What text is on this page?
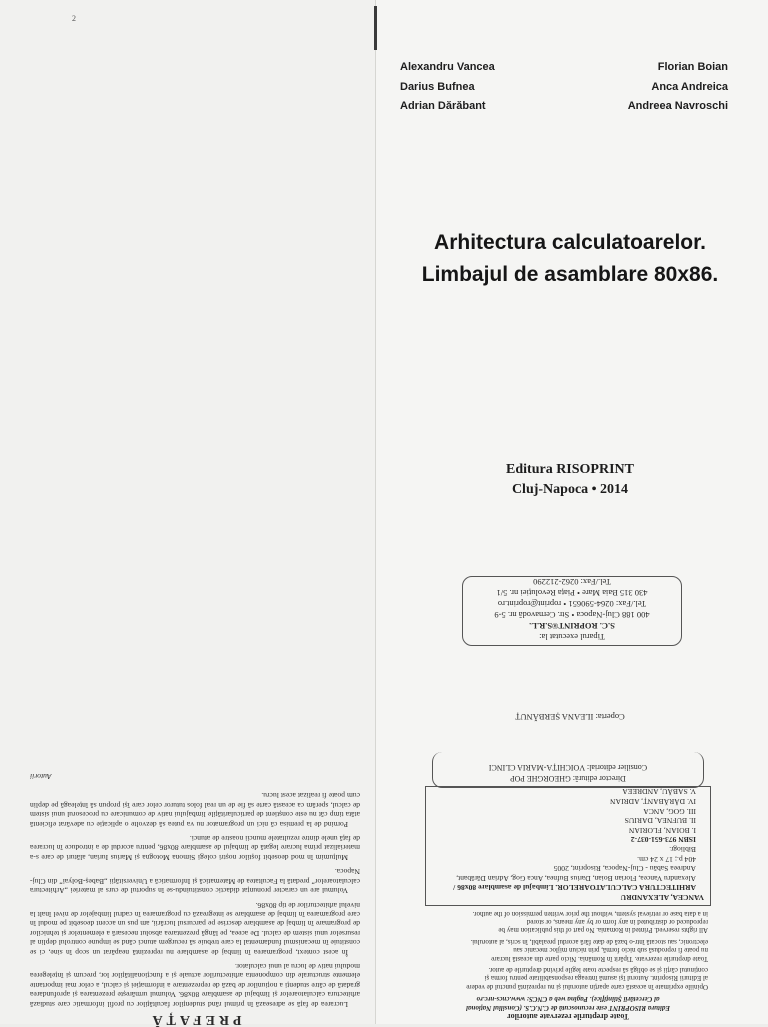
2
Alexandru Vancea
Darius Bufnea
Adrian Dărăbant
Florian Boian
Anca Andreica
Andreea Navroschi
Arhitectura calculatoarelor.
Limbajul de asamblare 80x86.
Editura RISOPRINT
Cluj-Napoca • 2014
Tiparul executat la:
S.C. ROPRINT®S.R.L.
400 188 Cluj-Napoca • Str. Cernavodă nr. 5-9
Tel./Fax: 0264-590651 • roprint@roprint.ro
430 315 Baia Mare • Piața Revoluției nr. 5/1
Tel./Fax: 0262-212290
Coperta: ILEANA ȘERBĂNUȚ
Director editură: GHEORGHE POP
Consilier editorial: VOICHIȚA-MARIA CLINCI
VANCEA, ALEXANDRU
ARHITECTURA CALCULATOARELOR. Limbajul de asamblare 80x86 /
Alexandru Vancea, Florian Boian, Darius Bufnea, Anca Gog, Adrian Dărăbant,
Andreea Sabău - Cluj-Napoca, Risoprint, 2005
404 p.; 17 x 24 cm.
Bibliogr.
ISBN 973-651-037-2
I. BOIAN, FLORIAN
II. BUFNEA, DARIUS
III. GOG, ANCA
IV. DĂRĂBANȚ, ADRIAN
V. SABĂU, ANDREEA
Toate drepturile rezervate autorilor
Editura RISOPRINT este recunoscută de C.N.C.S. (Consiliul Național
al Cercetării Științifice). Pagina web a CNCS: www.cncs-nrc.ro
Opiniile exprimate în această carte aparțin autorului și nu reprezintă punctul de vedere
al Editurii Risoprint. Autorul își asumă întreaga responsabilitate pentru forma și
conținutul cărții și se obligă să respecte toate legile privind drepturile de autor.
Toate drepturile rezervate. Tipărit în România. Nicio parte din această lucrare
nu poate fi reprodusă sub nicio formă, prin niciun mijloc mecanic sau
electronic, sau stocată într-o bază de date fără acordul prealabil, în scris, al autorului.
All rights reserved. Printed in Romania. No part of this publication may be
reproduced or distributed in any form or by any means, or stored
in a data base or retrieval system, without the prior written permission of the author.
PREFAȚĂ

Lucrarea de față se adresează în primul rând studenților facultăților cu profil informatic care studiază arhitectura calculatoarelor și limbajul de asamblare 80x86. Volumul urmărește prezentarea și aprofundarea gradată de către studenți a noțiunilor de bază de reprezentare a informației și calcul, a celor mai importante elemente structurale din componenta arhitecturilor actuale și a funcționalităților lor, precum și înțelegerea modului nativ de lucru al unui calculator.

În acest context, programarea în limbaj de asamblare nu reprezintă neapărat un scop în sine, ci se constituie în mecanismul fundamental la care trebuie să recurgem atunci când se impune controlul deplin al resurselor unui sistem de calcul. De aceea, pe lângă prezentarea absolut necesară a elementelor și tehnicilor de programare în limbaj de asamblare descrise pe parcursul lucrării, am pus un accent deosebit pe modul în care programarea în limbaj de asamblare se integrează cu programarea în cadrul limbajelor de nivel înalt la nivelul arhitecturilor de tip 80x86.

Volumul are un caracter pronunțat didactic constituindu-se în suportul de curs al materiei „Arhitectura calculatoarelor” predată la Facultatea de Matematică și Informatică a Universității „Babeș-Bolyai” din Cluj-Napoca.

Mulțumim în mod deosebit foștilor noștri colegi Simona Motogna și Marius Iurian, alături de care s-a materializat prima lucrare legată de limbajul de asamblare 80x86, pentru acordul de a introduce în lucrarea de față unele dintre rezultatele muncii noastre de atunci.

Pornind de la premisa că nici un programator nu va putea să dezvolte o aplicație cu adevărat eficientă atâta timp cât nu este conștient de particularitățile limbajului nativ de comunicare cu procesorul unui sistem de calcul, sperăm ca această carte să fie de un real folos tuturor celor care își propun să înțeleagă pe deplin cum poate fi realizat acest lucru.

Autorii
